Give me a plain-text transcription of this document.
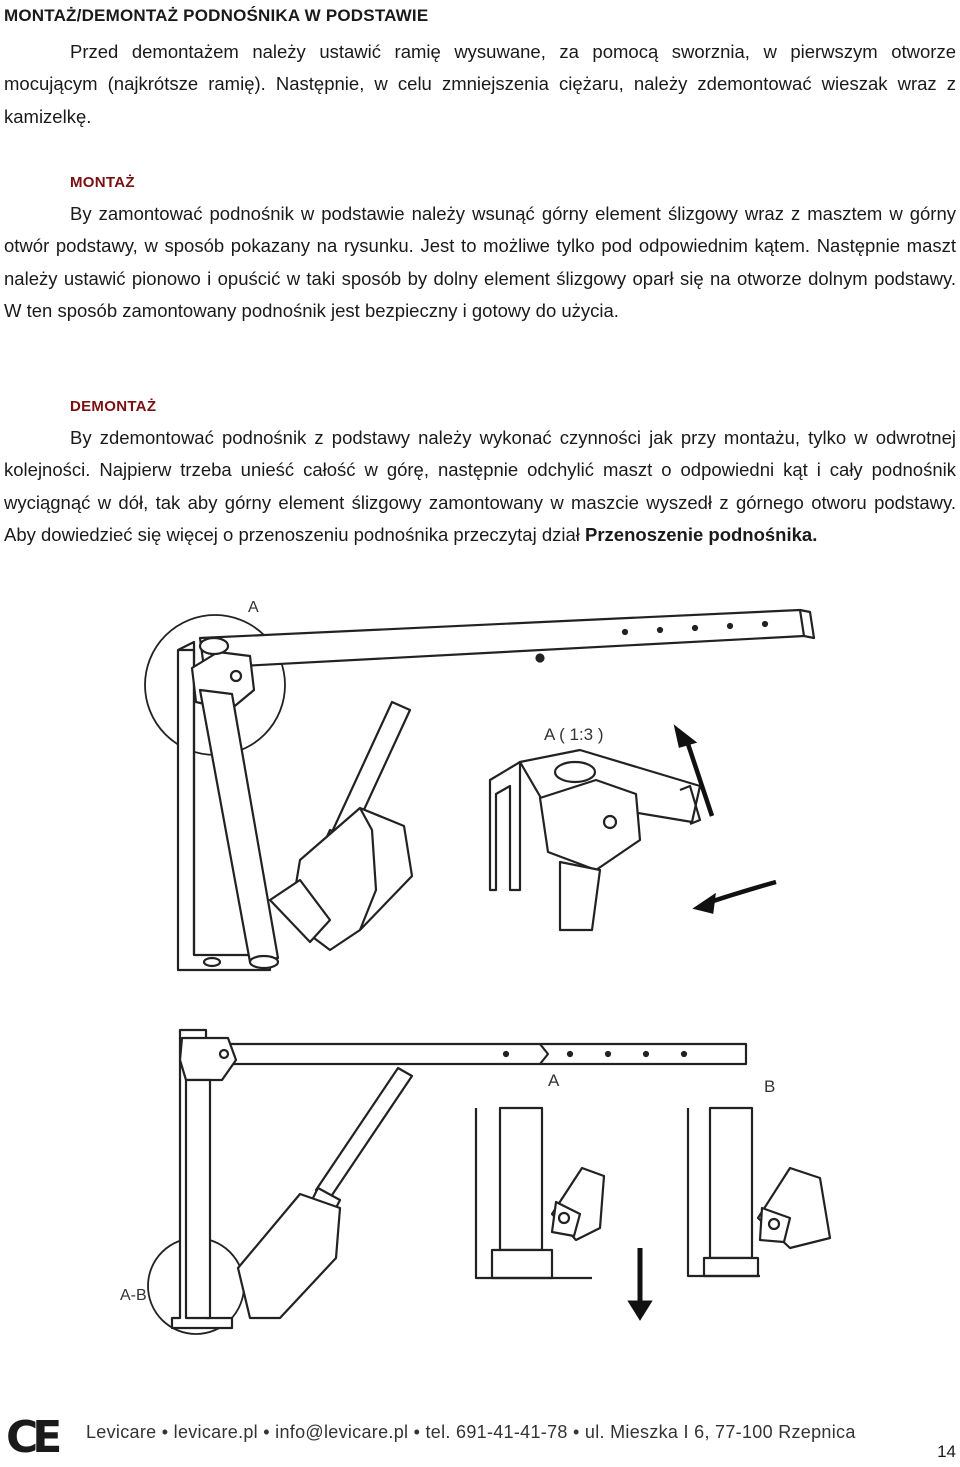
MONTAŻ/DEMONTAŻ PODNOŚNIKA W PODSTAWIE

Przed demontażem należy ustawić ramię wysuwane, za pomocą sworznia, w pierwszym otworze mocującym (najkrótsze ramię). Następnie, w celu zmniejszenia ciężaru, należy zdemontować wieszak wraz z kamizelkę.

MONTAŻ

By zamontować podnośnik w podstawie należy wsunąć górny element ślizgowy wraz z masztem w górny otwór podstawy, w sposób pokazany na rysunku. Jest to możliwe tylko pod odpowiednim kątem. Następnie maszt należy ustawić pionowo i opuścić w taki sposób by dolny element ślizgowy oparł się na otworze dolnym podstawy. W ten sposób zamontowany podnośnik jest bezpieczny i gotowy do użycia.

DEMONTAŻ

By zdemontować podnośnik z podstawy należy wykonać czynności jak przy montażu, tylko w odwrotnej kolejności. Najpierw trzeba unieść całość w górę, następnie odchylić maszt o odpowiedni kąt i cały podnośnik wyciągnąć w dół, tak aby górny element ślizgowy zamontowany w maszcie wyszedł z górnego otworu podstawy. Aby dowiedzieć się więcej o przenoszeniu podnośnika przeczytaj dział Przenoszenie podnośnika.

A
A ( 1:3 )
A-B
A	B
CE Levicare • levicare.pl • info@levicare.pl • tel. 691-41-41-78 • ul. Mieszka I 6, 77-100 Rzepnica
14
